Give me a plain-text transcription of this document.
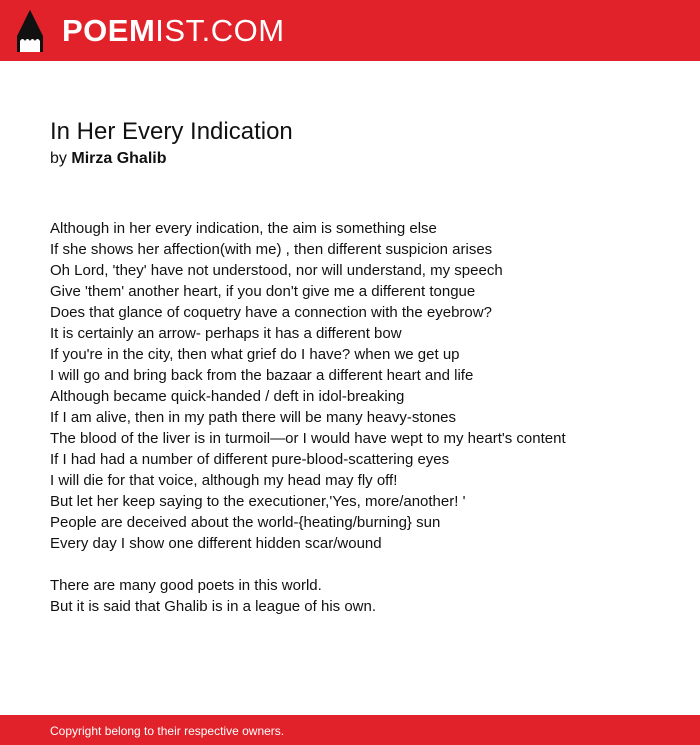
POEMIST.COM
In Her Every Indication
by Mirza Ghalib
Although in her every indication, the aim is something else
If she shows her affection(with me) , then different suspicion arises
Oh Lord, 'they' have not understood, nor will understand, my speech
Give 'them' another heart, if you don't give me a different tongue
Does that glance of coquetry have a connection with the eyebrow?
It is certainly an arrow- perhaps it has a different bow
If you're in the city, then what grief do I have? when we get up
I will go and bring back from the bazaar a different heart and life
Although became quick-handed / deft in idol-breaking
If I am alive, then in my path there will be many heavy-stones
The blood of the liver is in turmoil—or I would have wept to my heart's content
If I had had a number of different pure-blood-scattering eyes
I will die for that voice, although my head may fly off!
But let her keep saying to the executioner,'Yes, more/another! '
People are deceived about the world-{heating/burning} sun
Every day I show one different hidden scar/wound
There are many good poets in this world.
But it is said that Ghalib is in a league of his own.
Copyright belong to their respective owners.
